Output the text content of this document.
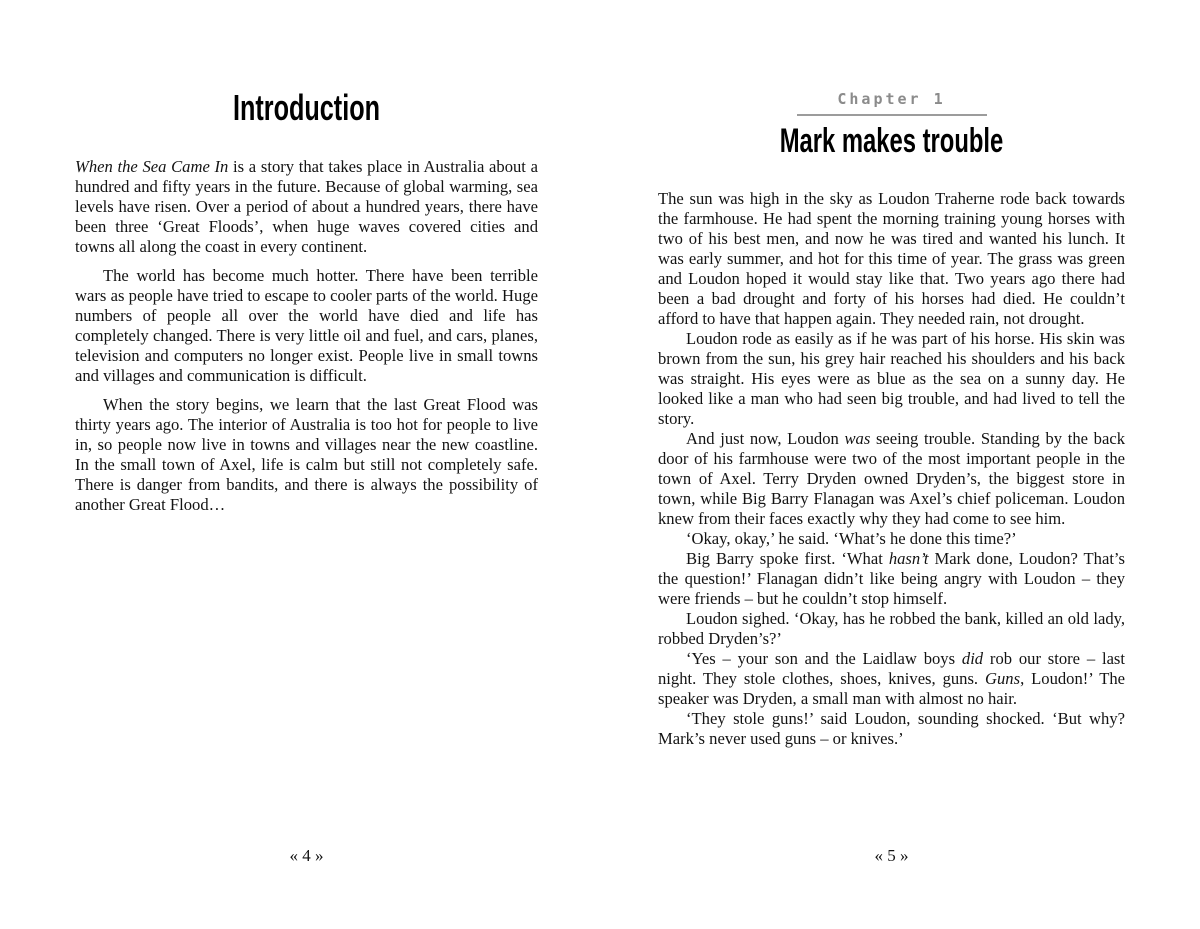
Introduction

When the Sea Came In is a story that takes place in Australia about a hundred and fifty years in the future. Because of global warming, sea levels have risen. Over a period of about a hundred years, there have been three ‘Great Floods’, when huge waves covered cities and towns all along the coast in every continent.

The world has become much hotter. There have been terrible wars as people have tried to escape to cooler parts of the world. Huge numbers of people all over the world have died and life has completely changed. There is very little oil and fuel, and cars, planes, television and computers no longer exist. People live in small towns and villages and communication is difficult.

When the story begins, we learn that the last Great Flood was thirty years ago. The interior of Australia is too hot for people to live in, so people now live in towns and villages near the new coastline. In the small town of Axel, life is calm but still not completely safe. There is danger from bandits, and there is always the possibility of another Great Flood…

« 4 »
Chapter 1
Mark makes trouble

The sun was high in the sky as Loudon Traherne rode back towards the farmhouse. He had spent the morning training young horses with two of his best men, and now he was tired and wanted his lunch. It was early summer, and hot for this time of year. The grass was green and Loudon hoped it would stay like that. Two years ago there had been a bad drought and forty of his horses had died. He couldn’t afford to have that happen again. They needed rain, not drought.

Loudon rode as easily as if he was part of his horse. His skin was brown from the sun, his grey hair reached his shoulders and his back was straight. His eyes were as blue as the sea on a sunny day. He looked like a man who had seen big trouble, and had lived to tell the story.

And just now, Loudon was seeing trouble. Standing by the back door of his farmhouse were two of the most important people in the town of Axel. Terry Dryden owned Dryden’s, the biggest store in town, while Big Barry Flanagan was Axel’s chief policeman. Loudon knew from their faces exactly why they had come to see him.

‘Okay, okay,’ he said. ‘What’s he done this time?’

Big Barry spoke first. ‘What hasn’t Mark done, Loudon? That’s the question!’ Flanagan didn’t like being angry with Loudon – they were friends – but he couldn’t stop himself.

Loudon sighed. ‘Okay, has he robbed the bank, killed an old lady, robbed Dryden’s?’

‘Yes – your son and the Laidlaw boys did rob our store – last night. They stole clothes, shoes, knives, guns. Guns, Loudon!’ The speaker was Dryden, a small man with almost no hair.

‘They stole guns!’ said Loudon, sounding shocked. ‘But why? Mark’s never used guns – or knives.’

« 5 »
